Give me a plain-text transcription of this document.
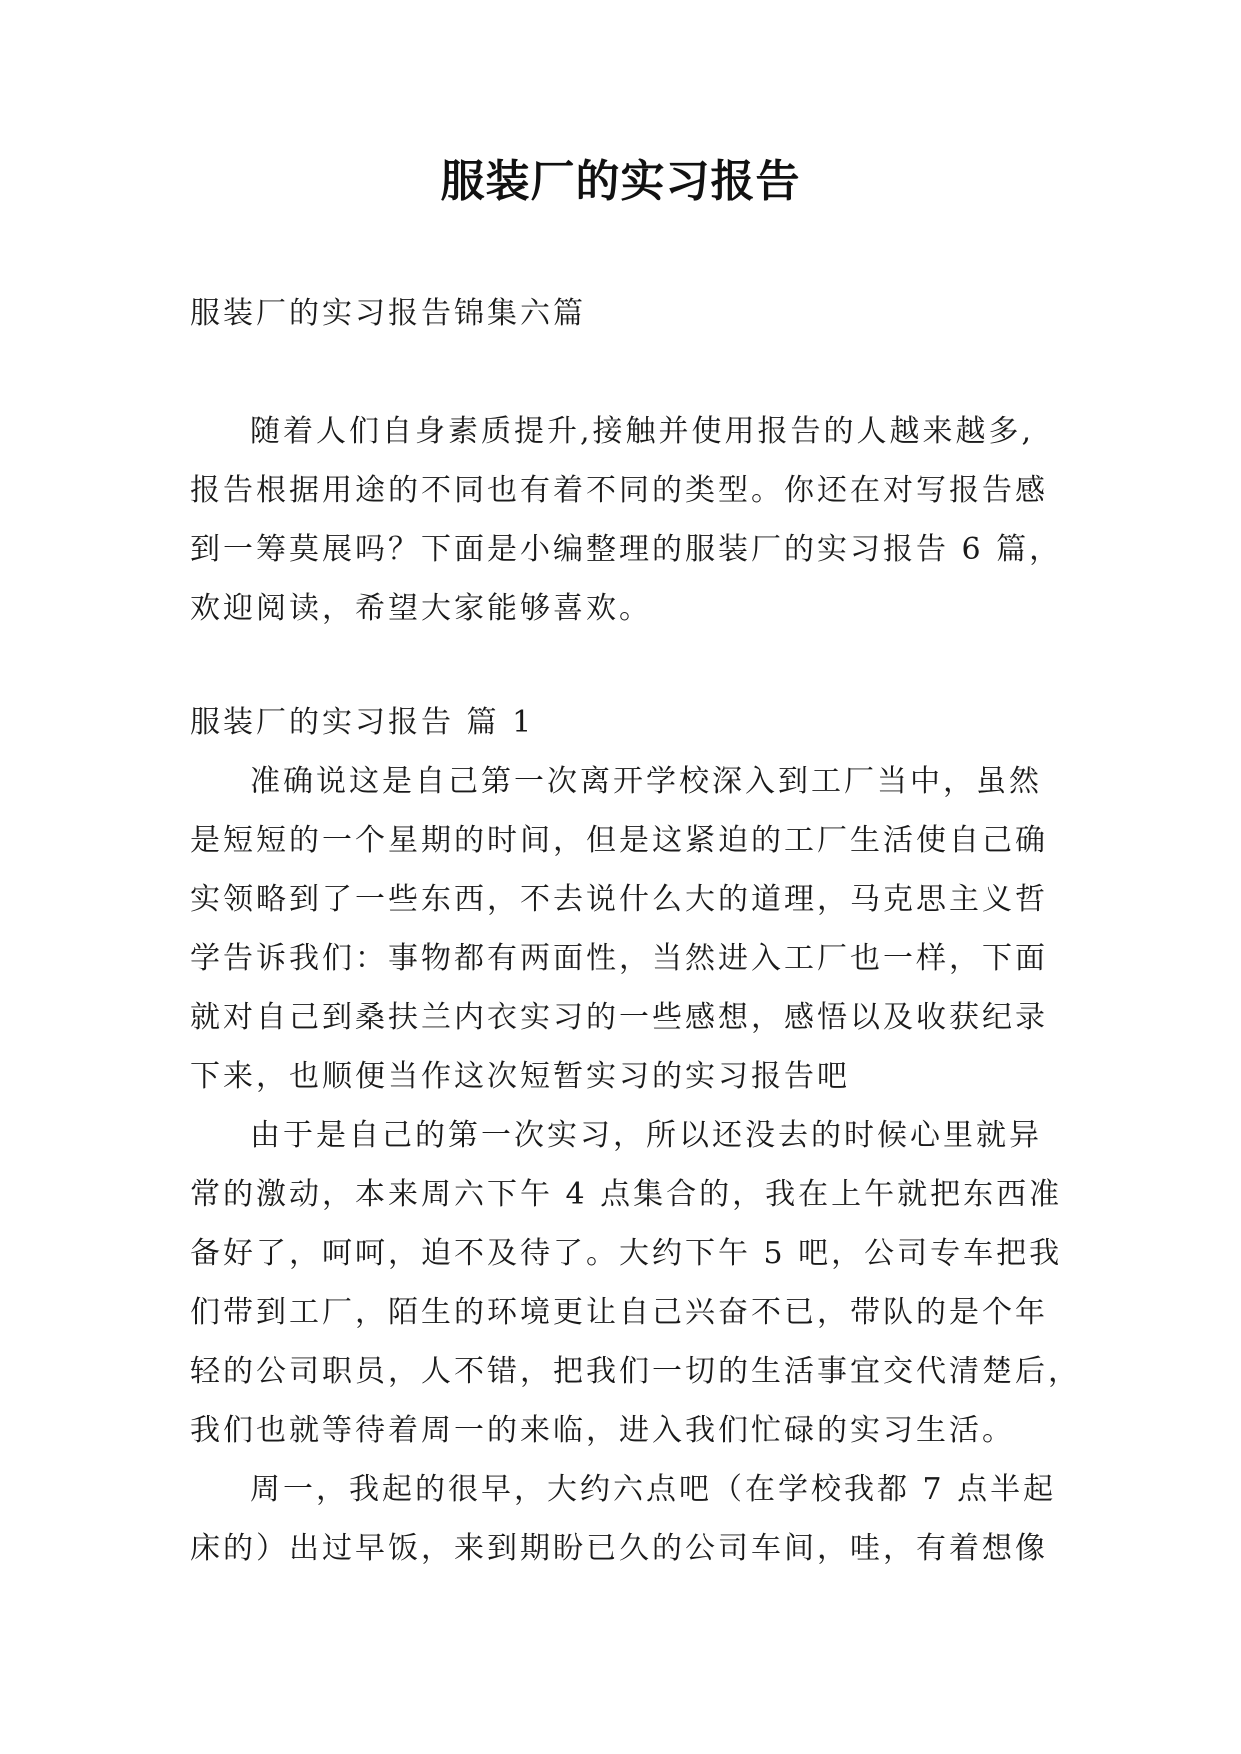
服装厂的实习报告

服装厂的实习报告锦集六篇

随着人们自身素质提升,接触并使用报告的人越来越多,
报告根据用途的不同也有着不同的类型。你还在对写报告感
到一筹莫展吗？下面是小编整理的服装厂的实习报告 6 篇，
欢迎阅读，希望大家能够喜欢。

服装厂的实习报告 篇 1

准确说这是自己第一次离开学校深入到工厂当中，虽然
是短短的一个星期的时间，但是这紧迫的工厂生活使自己确
实领略到了一些东西，不去说什么大的道理，马克思主义哲
学告诉我们：事物都有两面性，当然进入工厂也一样，下面
就对自己到桑扶兰内衣实习的一些感想，感悟以及收获纪录
下来，也顺便当作这次短暂实习的实习报告吧

由于是自己的第一次实习，所以还没去的时候心里就异
常的激动，本来周六下午 4 点集合的，我在上午就把东西准
备好了，呵呵，迫不及待了。大约下午 5 吧，公司专车把我
们带到工厂，陌生的环境更让自己兴奋不已，带队的是个年
轻的公司职员，人不错，把我们一切的生活事宜交代清楚后，
我们也就等待着周一的来临，进入我们忙碌的实习生活。

周一，我起的很早，大约六点吧（在学校我都 7 点半起
床的）出过早饭，来到期盼已久的公司车间，哇，有着想像
